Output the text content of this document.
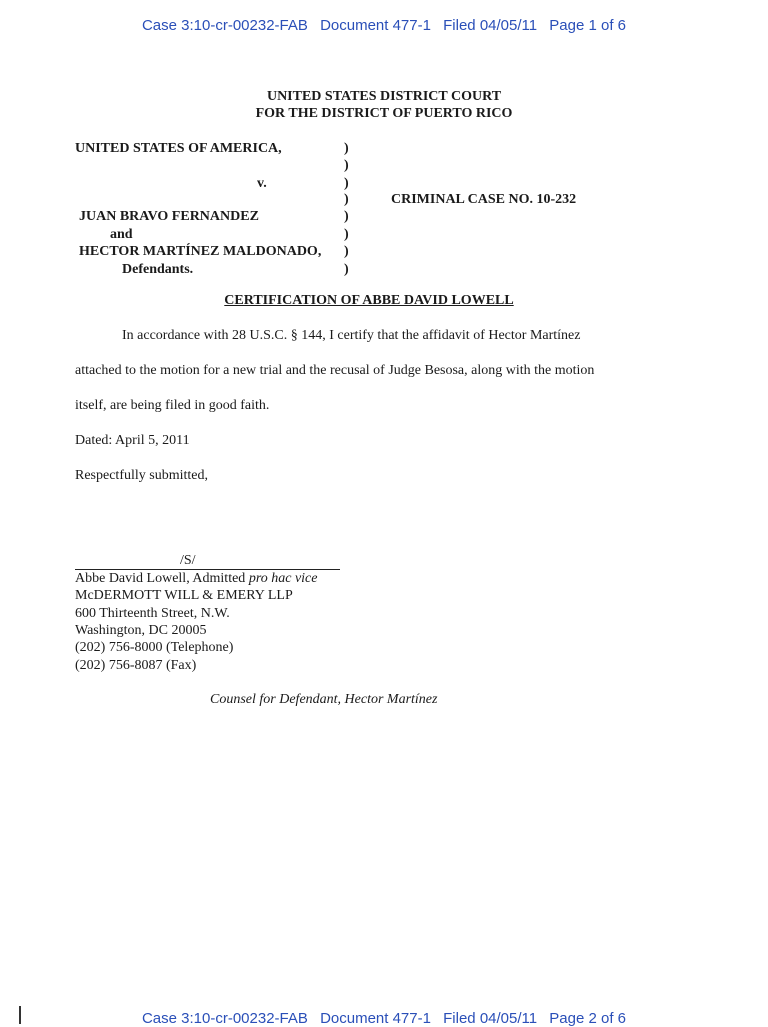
Case 3:10-cr-00232-FAB Document 477-1 Filed 04/05/11 Page 1 of 6
UNITED STATES DISTRICT COURT
FOR THE DISTRICT OF PUERTO RICO
UNITED STATES OF AMERICA,
v.
JUAN BRAVO FERNANDEZ
and
HECTOR MARTÍNEZ MALDONADO,
Defendants.
)
)
)
)
)
)
)
)
CRIMINAL CASE NO. 10-232
CERTIFICATION OF ABBE DAVID LOWELL
In accordance with 28 U.S.C. § 144, I certify that the affidavit of Hector Martínez
attached to the motion for a new trial and the recusal of Judge Besosa, along with the motion
itself, are being filed in good faith.
Dated: April 5, 2011
Respectfully submitted,
/S/
Abbe David Lowell, Admitted pro hac vice
McDERMOTT WILL & EMERY LLP
600 Thirteenth Street, N.W.
Washington, DC 20005
(202) 756-8000 (Telephone)
(202) 756-8087 (Fax)
Counsel for Defendant, Hector Martínez
Case 3:10-cr-00232-FAB Document 477-1 Filed 04/05/11 Page 2 of 6
